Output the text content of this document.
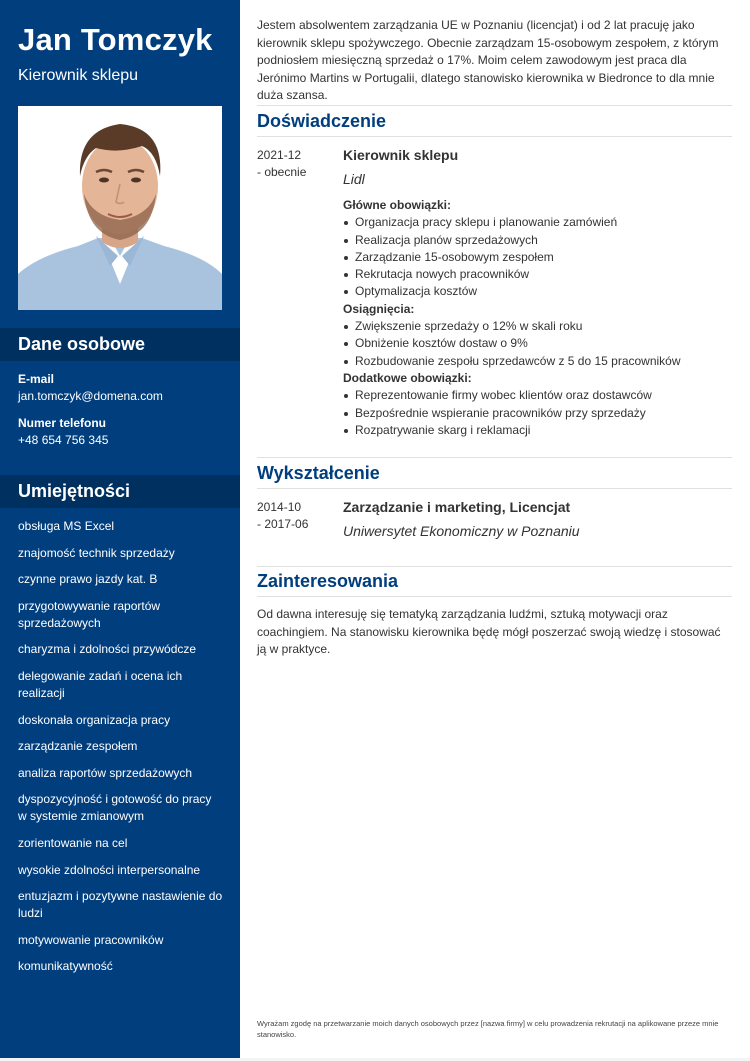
Jan Tomczyk
Kierownik sklepu
Dane osobowe
E-mail
jan.tomczyk@domena.com
Numer telefonu
+48 654 756 345
Umiejętności
obsługa MS Excel
znajomość technik sprzedaży
czynne prawo jazdy kat. B
przygotowywanie raportów sprzedażowych
charyzma i zdolności przywódcze
delegowanie zadań i ocena ich realizacji
doskonała organizacja pracy
zarządzanie zespołem
analiza raportów sprzedażowych
dyspozycyjność i gotowość do pracy w systemie zmianowym
zorientowanie na cel
wysokie zdolności interpersonalne
entuzjazm i pozytywne nastawienie do ludzi
motywowanie pracowników
komunikatywność

Jestem absolwentem zarządzania UE w Poznaniu (licencjat) i od 2 lat pracuję jako kierownik sklepu spożywczego. Obecnie zarządzam 15-osobowym zespołem, z którym podniosłem miesięczną sprzedaż o 17%. Moim celem zawodowym jest praca dla Jerónimo Martins w Portugalii, dlatego stanowisko kierownika w Biedronce to dla mnie duża szansa.

Doświadczenie
2021-12
- obecnie
Kierownik sklepu
Lidl
Główne obowiązki:
Organizacja pracy sklepu i planowanie zamówień
Realizacja planów sprzedażowych
Zarządzanie 15-osobowym zespołem
Rekrutacja nowych pracowników
Optymalizacja kosztów
Osiągnięcia:
Zwiększenie sprzedaży o 12% w skali roku
Obniżenie kosztów dostaw o 9%
Rozbudowanie zespołu sprzedawców z 5 do 15 pracowników
Dodatkowe obowiązki:
Reprezentowanie firmy wobec klientów oraz dostawców
Bezpośrednie wspieranie pracowników przy sprzedaży
Rozpatrywanie skarg i reklamacji
Wykształcenie
2014-10
- 2017-06
Zarządzanie i marketing, Licencjat
Uniwersytet Ekonomiczny w Poznaniu
Zainteresowania

Od dawna interesuję się tematyką zarządzania ludźmi, sztuką motywacji oraz coachingiem. Na stanowisku kierownika będę mógł poszerzać swoją wiedzę i stosować ją w praktyce.

Wyrażam zgodę na przetwarzanie moich danych osobowych przez [nazwa firmy] w celu prowadzenia rekrutacji na aplikowane przeze mnie stanowisko.
